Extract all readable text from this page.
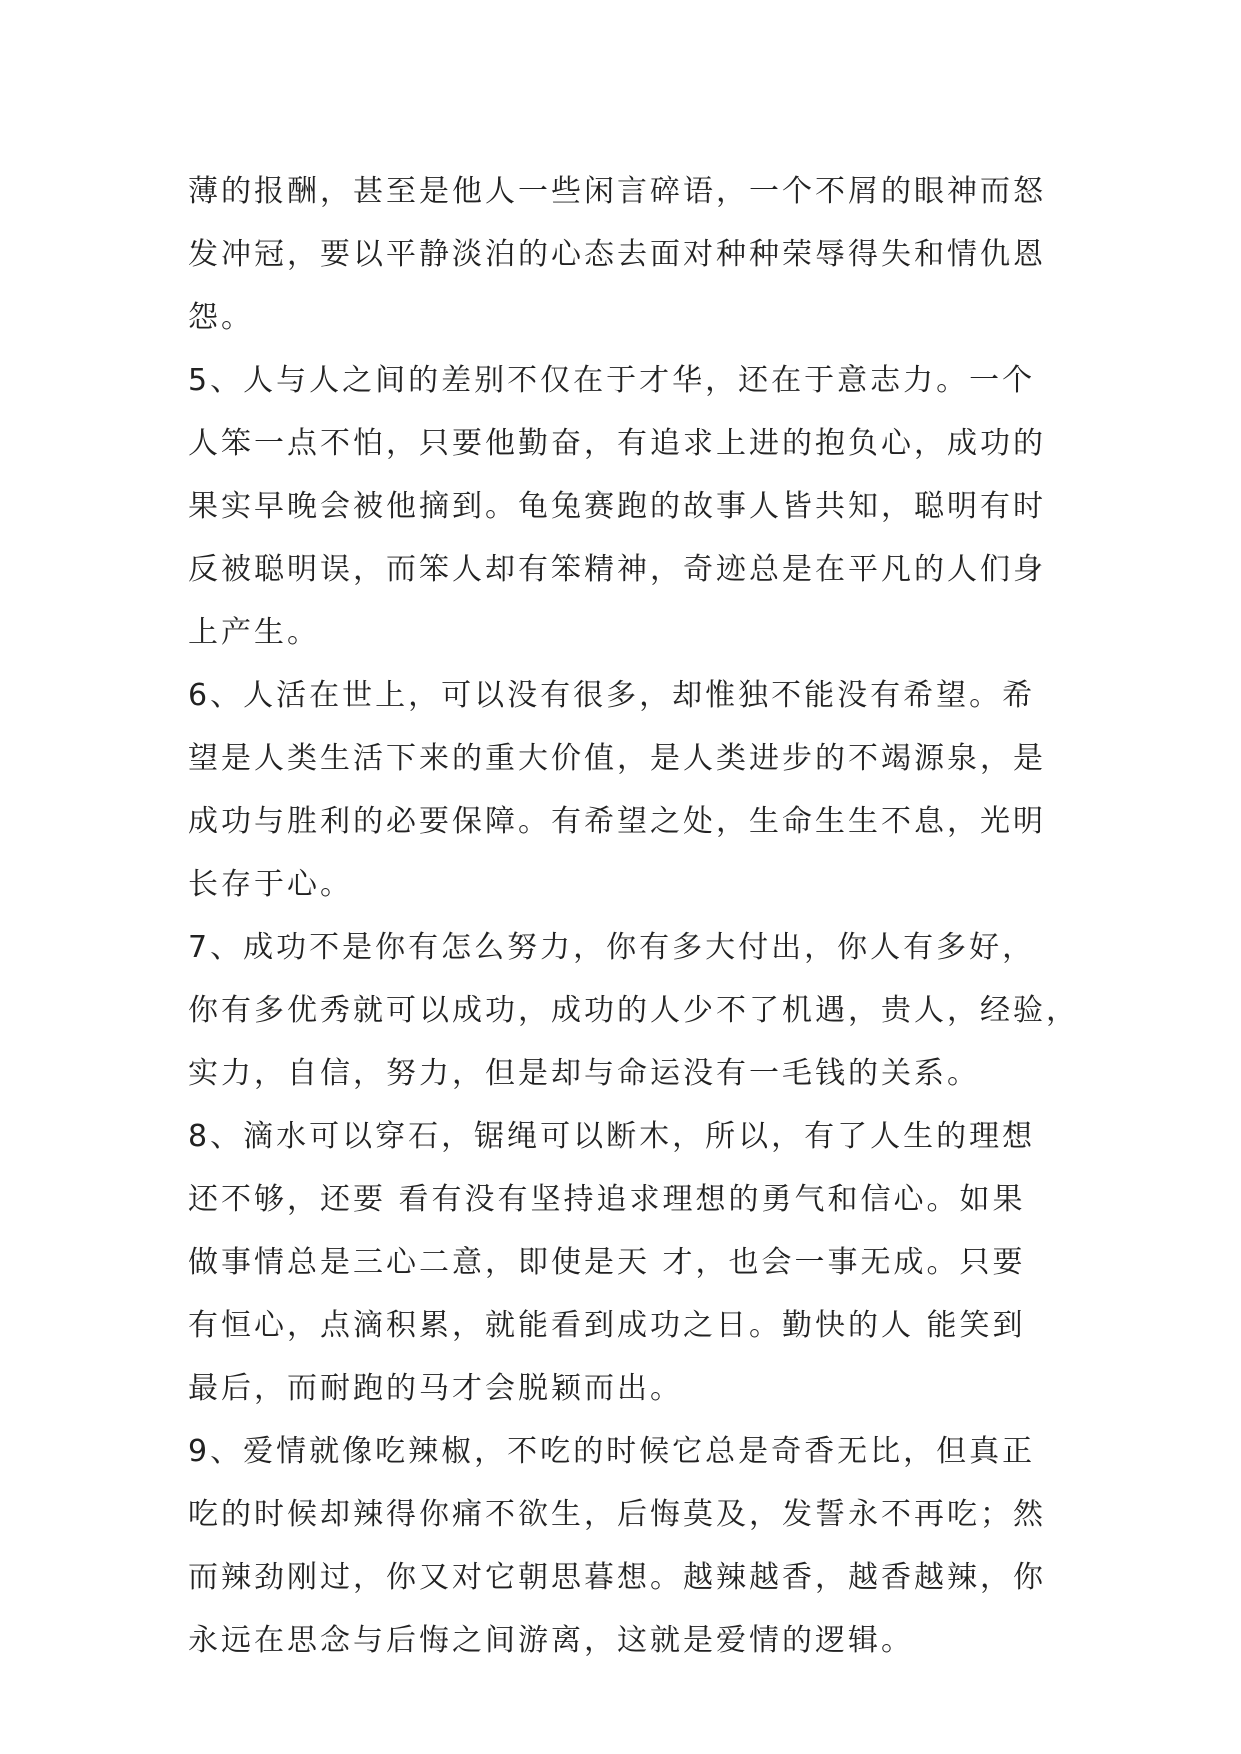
薄的报酬，甚至是他人一些闲言碎语，一个不屑的眼神而怒
发冲冠，要以平静淡泊的心态去面对种种荣辱得失和情仇恩
怨。
5、人与人之间的差别不仅在于才华，还在于意志力。一个
人笨一点不怕，只要他勤奋，有追求上进的抱负心，成功的
果实早晚会被他摘到。龟兔赛跑的故事人皆共知，聪明有时
反被聪明误，而笨人却有笨精神，奇迹总是在平凡的人们身
上产生。
6、人活在世上，可以没有很多，却惟独不能没有希望。希
望是人类生活下来的重大价值，是人类进步的不竭源泉，是
成功与胜利的必要保障。有希望之处，生命生生不息，光明
长存于心。
7、成功不是你有怎么努力，你有多大付出，你人有多好，
你有多优秀就可以成功，成功的人少不了机遇，贵人，经验，
实力，自信，努力，但是却与命运没有一毛钱的关系。
8、滴水可以穿石，锯绳可以断木，所以，有了人生的理想
还不够，还要 看有没有坚持追求理想的勇气和信心。如果
做事情总是三心二意，即使是天 才，也会一事无成。只要
有恒心，点滴积累，就能看到成功之日。勤快的人 能笑到
最后，而耐跑的马才会脱颖而出。
9、爱情就像吃辣椒，不吃的时候它总是奇香无比，但真正
吃的时候却辣得你痛不欲生，后悔莫及，发誓永不再吃；然
而辣劲刚过，你又对它朝思暮想。越辣越香，越香越辣，你
永远在思念与后悔之间游离，这就是爱情的逻辑。
